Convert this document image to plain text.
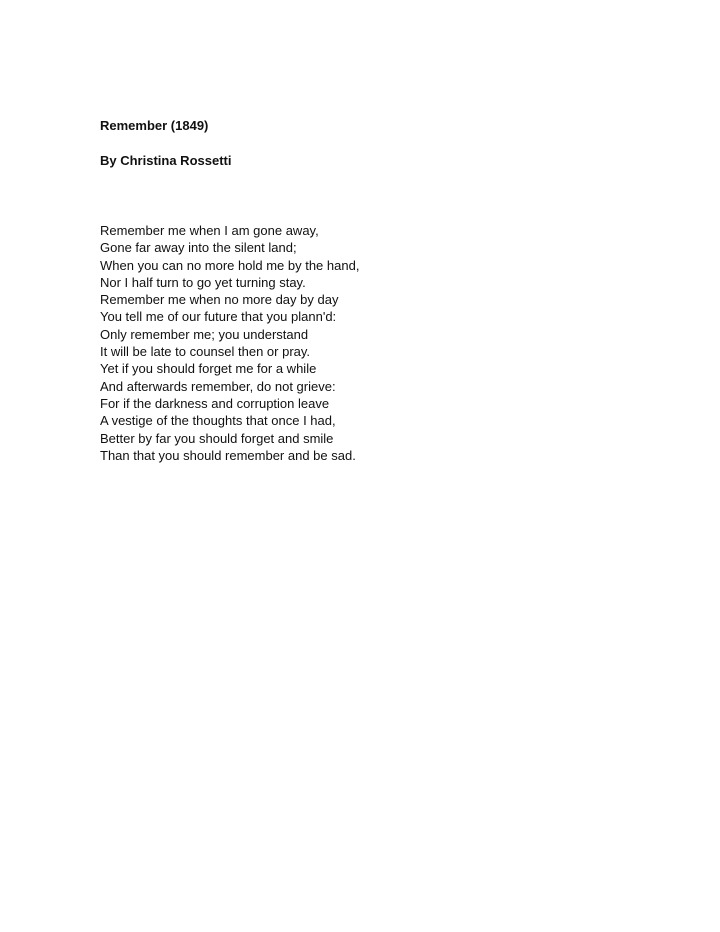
Remember (1849)

By Christina Rossetti

Remember me when I am gone away,
Gone far away into the silent land;
When you can no more hold me by the hand,
Nor I half turn to go yet turning stay.
Remember me when no more day by day
You tell me of our future that you plann'd:
Only remember me; you understand
It will be late to counsel then or pray.
Yet if you should forget me for a while
And afterwards remember, do not grieve:
For if the darkness and corruption leave
A vestige of the thoughts that once I had,
Better by far you should forget and smile
Than that you should remember and be sad.
